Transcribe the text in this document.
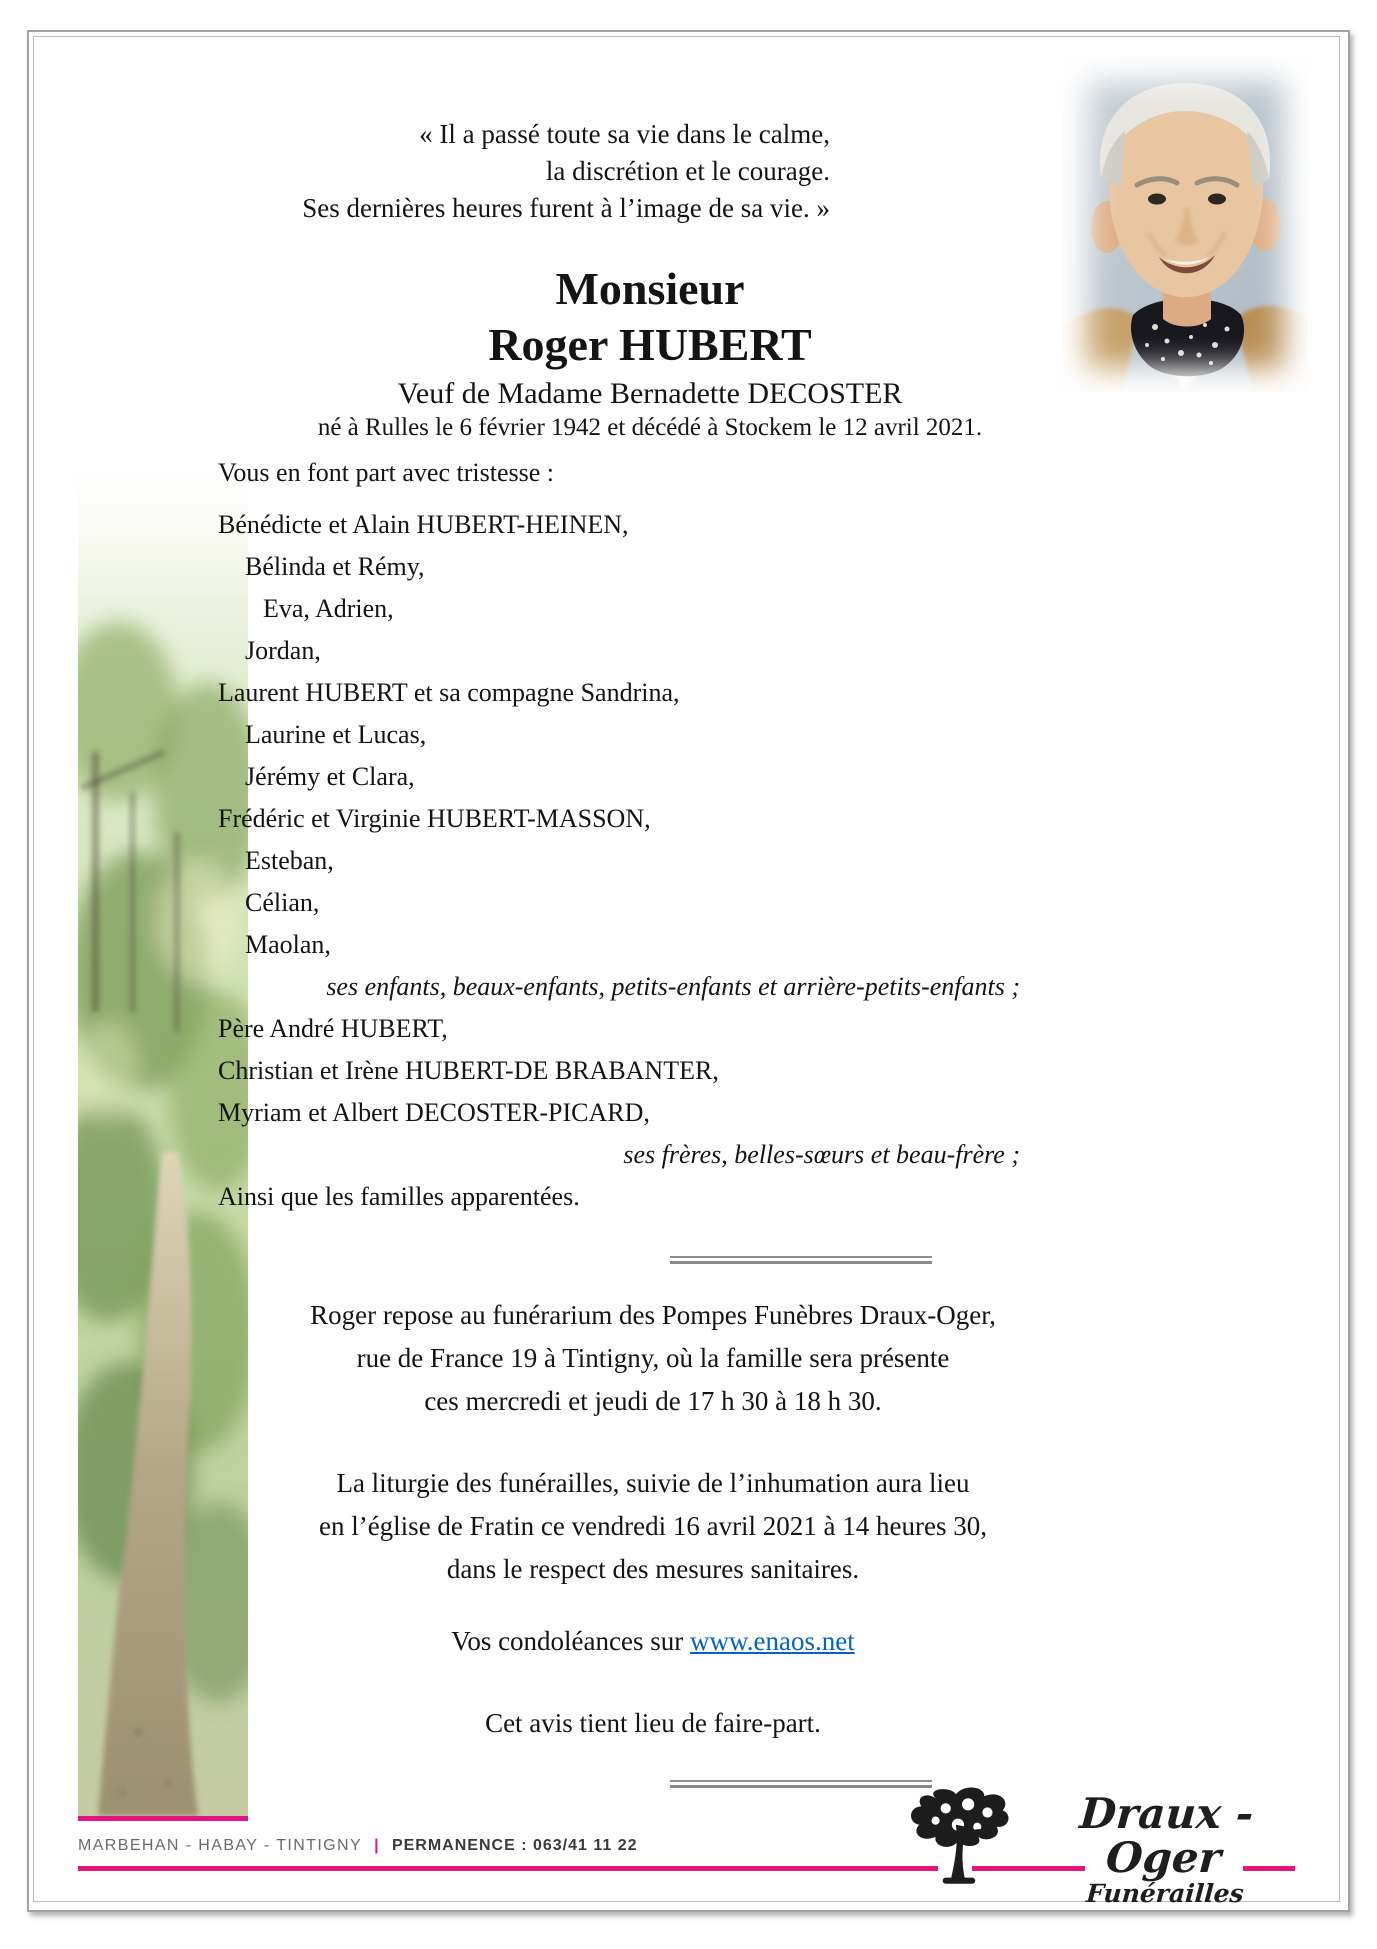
« Il a passé toute sa vie dans le calme,
la discrétion et le courage.
Ses dernières heures furent à l’image de sa vie. »
Monsieur
Roger HUBERT
Veuf de Madame Bernadette DECOSTER
né à Rulles le 6 février 1942 et décédé à Stockem le 12 avril 2021.
Vous en font part avec tristesse :
Bénédicte et Alain HUBERT-HEINEN,
Bélinda et Rémy,
Eva, Adrien,
Jordan,
Laurent HUBERT et sa compagne Sandrina,
Laurine et Lucas,
Jérémy et Clara,
Frédéric et Virginie HUBERT-MASSON,
Esteban,
Célian,
Maolan,
ses enfants, beaux-enfants, petits-enfants et arrière-petits-enfants ;
Père André HUBERT,
Christian et Irène HUBERT-DE BRABANTER,
Myriam et Albert DECOSTER-PICARD,
ses frères, belles-sœurs et beau-frère ;
Ainsi que les familles apparentées.
Roger repose au funérarium des Pompes Funèbres Draux-Oger,
rue de France 19 à Tintigny, où la famille sera présente
ces mercredi et jeudi de 17 h 30 à 18 h 30.
La liturgie des funérailles, suivie de l’inhumation aura lieu
en l’église de Fratin ce vendredi 16 avril 2021 à 14 heures 30,
dans le respect des mesures sanitaires.
Vos condoléances sur www.enaos.net
Cet avis tient lieu de faire-part.
MARBEHAN - HABAY - TINTIGNY | PERMANENCE : 063/41 11 22
Draux - Oger
Funérailles
